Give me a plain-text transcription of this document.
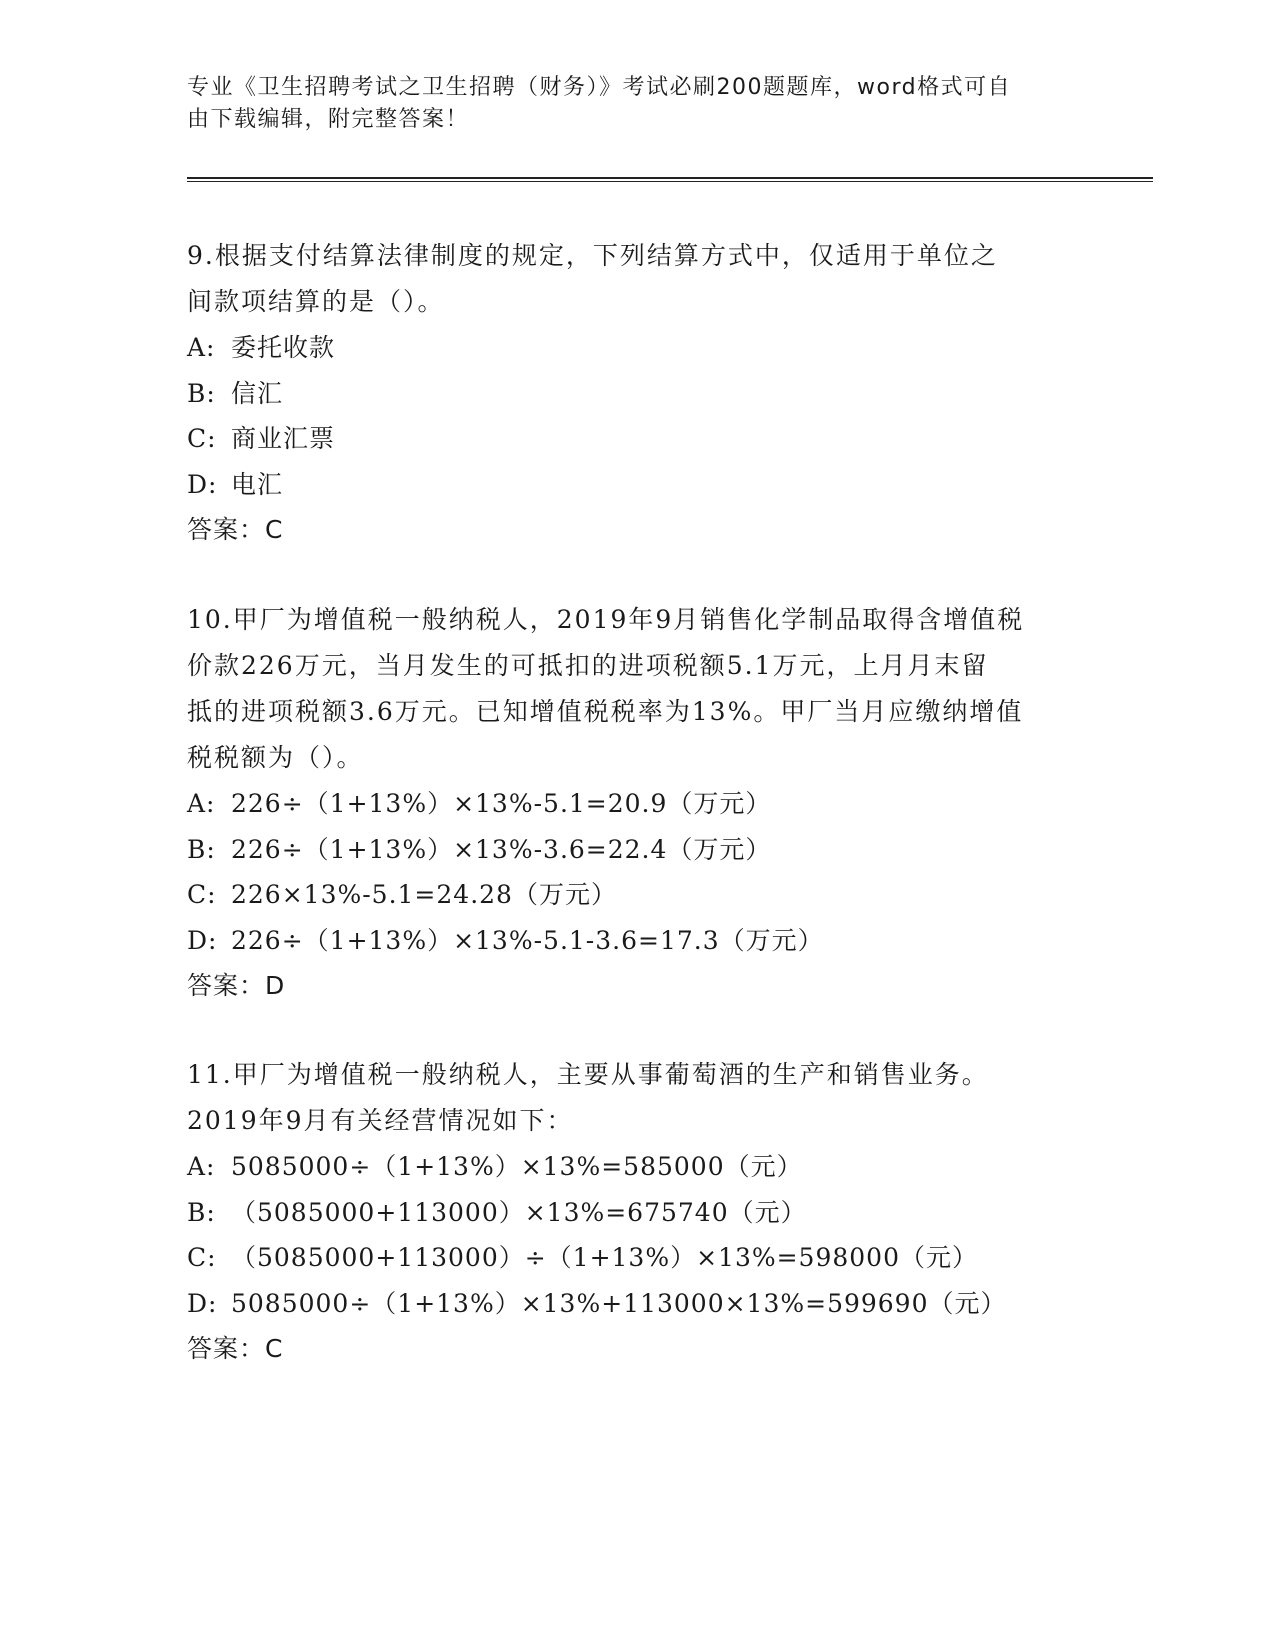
专业《卫生招聘考试之卫生招聘（财务）》考试必刷200题题库，word格式可自
由下载编辑，附完整答案！

9.根据支付结算法律制度的规定，下列结算方式中，仅适用于单位之

间款项结算的是（）。

A: 委托收款

B: 信汇

C: 商业汇票

D: 电汇

答案：C

10.甲厂为增值税一般纳税人，2019年9月销售化学制品取得含增值税

价款226万元，当月发生的可抵扣的进项税额5.1万元，上月月末留

抵的进项税额3.6万元。已知增值税税率为13%。甲厂当月应缴纳增值

税税额为（）。

A: 226÷（1+13%）×13%-5.1=20.9（万元）

B: 226÷（1+13%）×13%-3.6=22.4（万元）

C: 226×13%-5.1=24.28（万元）

D: 226÷（1+13%）×13%-5.1-3.6=17.3（万元）

答案：D

11.甲厂为增值税一般纳税人，主要从事葡萄酒的生产和销售业务。

2019年9月有关经营情况如下：

A: 5085000÷（1+13%）×13%=585000（元）

B: （5085000+113000）×13%=675740（元）

C: （5085000+113000）÷（1+13%）×13%=598000（元）

D: 5085000÷（1+13%）×13%+113000×13%=599690（元）

答案：C
